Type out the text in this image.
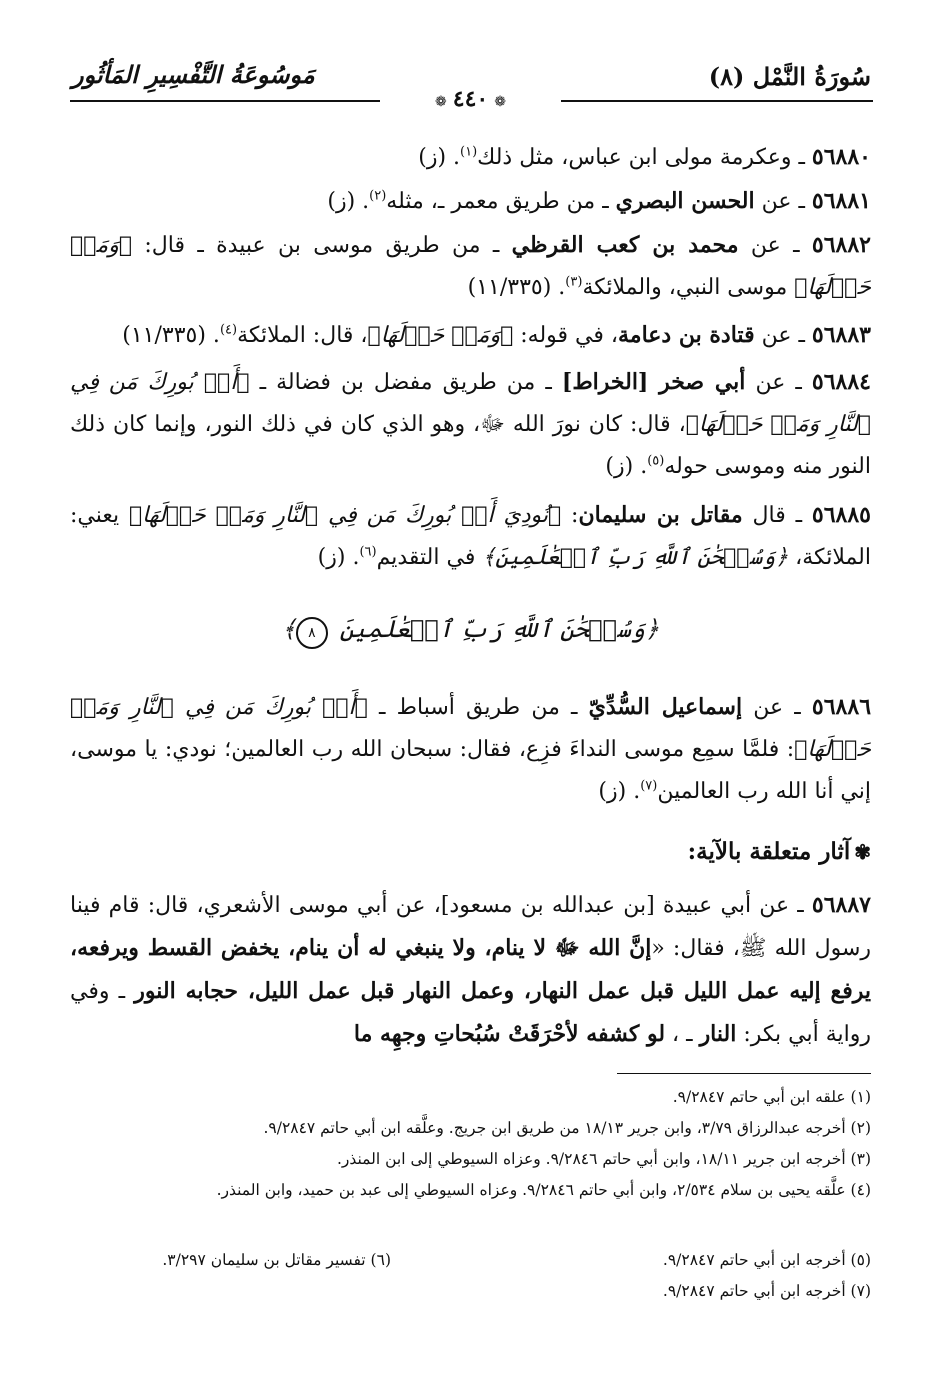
سُورَةُ النَّمْل (٨)
مَوسُوعَةُ التَّفْسِيرِ المَأثُور
❁ ٤٤٠ ❁
٥٦٨٨٠ ـ وعكرمة مولى ابن عباس، مثل ذلك$^{(١)}$. (ز)
٥٦٨٨١ ـ عن الحسن البصري ـ من طريق معمر ـ، مثله$^{(٢)}$. (ز)
٥٦٨٨٢ ـ عن محمد بن كعب القرظي ـ من طريق موسى بن عبيدة ـ قال: ﴿وَمَنۡ حَوۡلَهَا﴾ موسى النبي، والملائكة$^{(٣)}$. (١١/٣٣٥)
٥٦٨٨٣ ـ عن قتادة بن دعامة، في قوله: ﴿وَمَنۡ حَوۡلَهَا﴾، قال: الملائكة$^{(٤)}$. (١١/٣٣٥)
٥٦٨٨٤ ـ عن أبي صخر [الخراط] ـ من طريق مفضل بن فضالة ـ ﴿أَنۢ بُورِكَ مَن فِي ٱلنَّارِ وَمَنۡ حَوۡلَهَا﴾، قال: كان نورَ الله ﷻ، وهو الذي كان في ذلك النور، وإنما كان ذلك النور منه وموسى حوله$^{(٥)}$. (ز)
٥٦٨٨٥ ـ قال مقاتل بن سليمان: ﴿نُودِيَ أَنۢ بُورِكَ مَن فِي ٱلنَّارِ وَمَنۡ حَوۡلَهَا﴾ يعني: الملائكة، ﴿وَسُبۡحَٰنَ ٱللَّهِ رَبِّ ٱلۡعَٰلَمِينَ﴾ في التقديم$^{(٦)}$. (ز)
﴿وَسُبۡحَٰنَ ٱللَّهِ رَبِّ ٱلۡعَٰلَمِينَ ٨﴾
٥٦٨٨٦ ـ عن إسماعيل السُّدِّيّ ـ من طريق أسباط ـ ﴿أَنۢ بُورِكَ مَن فِي ٱلنَّارِ وَمَنۡ حَوۡلَهَا﴾: فلمَّا سمِع موسى النداءَ فزِع، فقال: سبحان الله رب العالمين؛ نودي: يا موسى، إني أنا الله رب العالمين$^{(٧)}$. (ز)
✾آثار متعلقة بالآية:
٥٦٨٨٧ ـ عن أبي عبيدة [بن عبدالله بن مسعود]، عن أبي موسى الأشعري، قال: قام فينا رسول الله ﷺ، فقال: «إنَّ الله ﷻ لا ينام، ولا ينبغي له أن ينام، يخفض القسط ويرفعه، يرفع إليه عمل الليل قبل عمل النهار، وعمل النهار قبل عمل الليل، حجابه النور ـ وفي رواية أبي بكر: النار ـ ، لو كشفه لأحْرَقَتْ سُبُحاتِ وجهِه ما
(١) علقه ابن أبي حاتم ٩/٢٨٤٧.
(٢) أخرجه عبدالرزاق ٣/٧٩، وابن جرير ١٨/١٣ من طريق ابن جريج. وعلَّقه ابن أبي حاتم ٩/٢٨٤٧.
(٣) أخرجه ابن جرير ١٨/١١، وابن أبي حاتم ٩/٢٨٤٦. وعزاه السيوطي إلى ابن المنذر.
(٤) علَّقه يحيى بن سلام ٢/٥٣٤، وابن أبي حاتم ٩/٢٨٤٦. وعزاه السيوطي إلى عبد بن حميد، وابن المنذر.
(٥) أخرجه ابن أبي حاتم ٩/٢٨٤٧.
(٦) تفسير مقاتل بن سليمان ٣/٢٩٧.
(٧) أخرجه ابن أبي حاتم ٩/٢٨٤٧.
